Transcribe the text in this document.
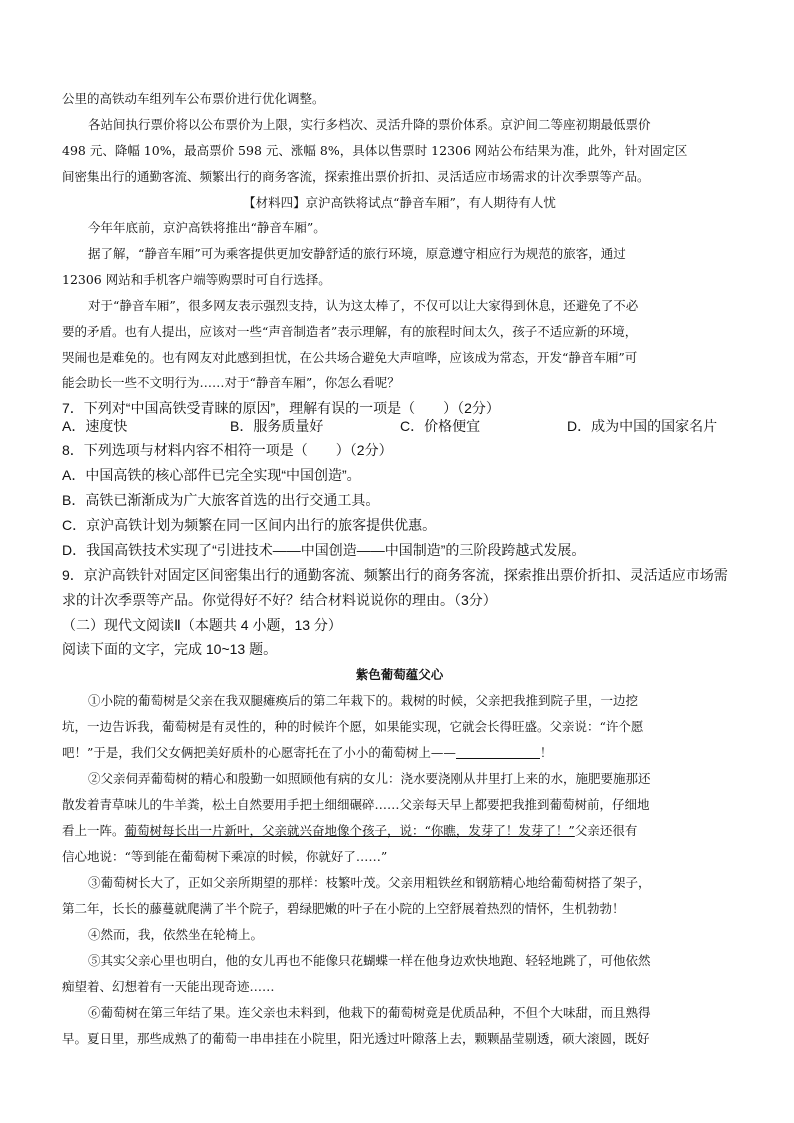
公里的高铁动车组列车公布票价进行优化调整。
各站间执行票价将以公布票价为上限，实行多档次、灵活升降的票价体系。京沪间二等座初期最低票价
498 元、降幅 10%，最高票价 598 元、涨幅 8%，具体以售票时 12306 网站公布结果为准，此外，针对固定区
间密集出行的通勤客流、频繁出行的商务客流，探索推出票价折扣、灵活适应市场需求的计次季票等产品。
【材料四】京沪高铁将试点“静音车厢”，有人期待有人忧
今年年底前，京沪高铁将推出“静音车厢”。
据了解，“静音车厢”可为乘客提供更加安静舒适的旅行环境，原意遵守相应行为规范的旅客，通过
12306 网站和手机客户端等购票时可自行选择。
对于“静音车厢”，很多网友表示强烈支持，认为这太棒了，不仅可以让大家得到休息，还避免了不必
要的矛盾。也有人提出，应该对一些“声音制造者”表示理解，有的旅程时间太久，孩子不适应新的环境，
哭闹也是难免的。也有网友对此感到担忧，在公共场合避免大声喧哗，应该成为常态，开发“静音车厢”可
能会助长一些不文明行为……对于“静音车厢”，你怎么看呢？
7．下列对“中国高铁受青睐的原因”，理解有误的一项是（　　）（2分）
A．速度快	B．服务质量好	C．价格便宜	D．成为中国的国家名片
8．下列选项与材料内容不相符一项是（　　）（2分）
A．中国高铁的核心部件已完全实现“中国创造”。
B．高铁已渐渐成为广大旅客首选的出行交通工具。
C．京沪高铁计划为频繁在同一区间内出行的旅客提供优惠。
D．我国高铁技术实现了“引进技术——中国创造——中国制造”的三阶段跨越式发展。
9．京沪高铁针对固定区间密集出行的通勤客流、频繁出行的商务客流，探索推出票价折扣、灵活适应市场需
求的计次季票等产品。你觉得好不好？结合材料说说你的理由。（3分）
（二）现代文阅读Ⅱ（本题共 4 小题，13 分）
阅读下面的文字，完成 10~13 题。
紫色葡萄蕴父心
①小院的葡萄树是父亲在我双腿瘫痪后的第二年栽下的。栽树的时候，父亲把我推到院子里，一边挖
坑，一边告诉我，葡萄树是有灵性的，种的时候许个愿，如果能实现，它就会长得旺盛。父亲说：“许个愿
吧！”于是，我们父女俩把美好质朴的心愿寄托在了小小的葡萄树上——	！
②父亲伺弄葡萄树的精心和殷勤一如照顾他有病的女儿：浇水要浇刚从井里打上来的水，施肥要施那还
散发着青草味儿的牛羊粪，松土自然要用手把土细细碾碎……父亲每天早上都要把我推到葡萄树前，仔细地
看上一阵。葡萄树每长出一片新叶，父亲就兴奋地像个孩子，说：“你瞧，发芽了！发芽了！”父亲还很有
信心地说：“等到能在葡萄树下乘凉的时候，你就好了……”
③葡萄树长大了，正如父亲所期望的那样：枝繁叶茂。父亲用粗铁丝和钢筋精心地给葡萄树搭了架子，
第二年，长长的藤蔓就爬满了半个院子，碧绿肥嫩的叶子在小院的上空舒展着热烈的情怀，生机勃勃！
④然而，我，依然坐在轮椅上。
⑤其实父亲心里也明白，他的女儿再也不能像只花蝴蝶一样在他身边欢快地跑、轻轻地跳了，可他依然
痴望着、幻想着有一天能出现奇迹……
⑥葡萄树在第三年结了果。连父亲也未料到，他栽下的葡萄树竟是优质品种，不但个大味甜，而且熟得
早。夏日里，那些成熟了的葡萄一串串挂在小院里，阳光透过叶隙落上去，颗颗晶莹剔透，硕大滚圆，既好
